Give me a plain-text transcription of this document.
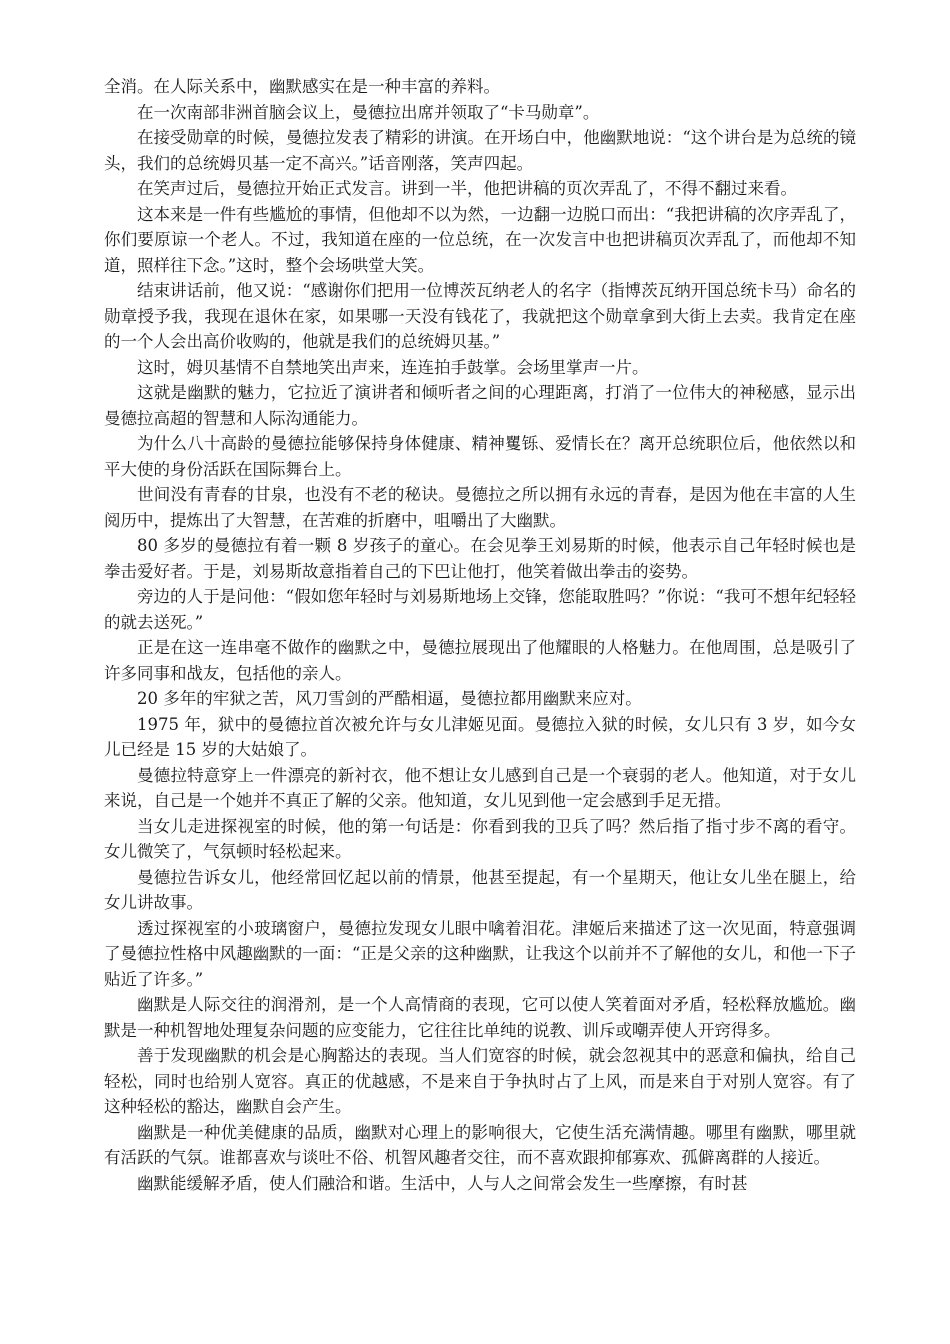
全消。在人际关系中，幽默感实在是一种丰富的养料。

在一次南部非洲首脑会议上，曼德拉出席并领取了“卡马勋章”。

在接受勋章的时候，曼德拉发表了精彩的讲演。在开场白中，他幽默地说：“这个讲台是为总统的镜头，我们的总统姆贝基一定不高兴。”话音刚落，笑声四起。

在笑声过后，曼德拉开始正式发言。讲到一半，他把讲稿的页次弄乱了，不得不翻过来看。

这本来是一件有些尴尬的事情，但他却不以为然，一边翻一边脱口而出：“我把讲稿的次序弄乱了，你们要原谅一个老人。不过，我知道在座的一位总统，在一次发言中也把讲稿页次弄乱了，而他却不知道，照样往下念。”这时，整个会场哄堂大笑。

结束讲话前，他又说：“感谢你们把用一位博茨瓦纳老人的名字（指博茨瓦纳开国总统卡马）命名的勋章授予我，我现在退休在家，如果哪一天没有钱花了，我就把这个勋章拿到大街上去卖。我肯定在座的一个人会出高价收购的，他就是我们的总统姆贝基。”

这时，姆贝基情不自禁地笑出声来，连连拍手鼓掌。会场里掌声一片。

这就是幽默的魅力，它拉近了演讲者和倾听者之间的心理距离，打消了一位伟大的神秘感，显示出曼德拉高超的智慧和人际沟通能力。

为什么八十高龄的曼德拉能够保持身体健康、精神矍铄、爱情长在？离开总统职位后，他依然以和平大使的身份活跃在国际舞台上。

世间没有青春的甘泉，也没有不老的秘诀。曼德拉之所以拥有永远的青春，是因为他在丰富的人生阅历中，提炼出了大智慧，在苦难的折磨中，咀嚼出了大幽默。

80 多岁的曼德拉有着一颗 8 岁孩子的童心。在会见拳王刘易斯的时候，他表示自己年轻时候也是拳击爱好者。于是，刘易斯故意指着自己的下巴让他打，他笑着做出拳击的姿势。

旁边的人于是问他：“假如您年轻时与刘易斯地场上交锋，您能取胜吗？”你说：“我可不想年纪轻轻的就去送死。”

正是在这一连串毫不做作的幽默之中，曼德拉展现出了他耀眼的人格魅力。在他周围，总是吸引了许多同事和战友，包括他的亲人。

20 多年的牢狱之苦，风刀雪剑的严酷相逼，曼德拉都用幽默来应对。

1975 年，狱中的曼德拉首次被允许与女儿津姬见面。曼德拉入狱的时候，女儿只有 3 岁，如今女儿已经是 15 岁的大姑娘了。

曼德拉特意穿上一件漂亮的新衬衣，他不想让女儿感到自己是一个衰弱的老人。他知道，对于女儿来说，自己是一个她并不真正了解的父亲。他知道，女儿见到他一定会感到手足无措。

当女儿走进探视室的时候，他的第一句话是：你看到我的卫兵了吗？然后指了指寸步不离的看守。女儿微笑了，气氛顿时轻松起来。

曼德拉告诉女儿，他经常回忆起以前的情景，他甚至提起，有一个星期天，他让女儿坐在腿上，给女儿讲故事。

透过探视室的小玻璃窗户，曼德拉发现女儿眼中噙着泪花。津姬后来描述了这一次见面，特意强调了曼德拉性格中风趣幽默的一面：“正是父亲的这种幽默，让我这个以前并不了解他的女儿，和他一下子贴近了许多。”

幽默是人际交往的润滑剂，是一个人高情商的表现，它可以使人笑着面对矛盾，轻松释放尴尬。幽默是一种机智地处理复杂问题的应变能力，它往往比单纯的说教、训斥或嘲弄使人开窍得多。

善于发现幽默的机会是心胸豁达的表现。当人们宽容的时候，就会忽视其中的恶意和偏执，给自己轻松，同时也给别人宽容。真正的优越感，不是来自于争执时占了上风，而是来自于对别人宽容。有了这种轻松的豁达，幽默自会产生。

幽默是一种优美健康的品质，幽默对心理上的影响很大，它使生活充满情趣。哪里有幽默，哪里就有活跃的气氛。谁都喜欢与谈吐不俗、机智风趣者交往，而不喜欢跟抑郁寡欢、孤僻离群的人接近。

幽默能缓解矛盾，使人们融洽和谐。生活中，人与人之间常会发生一些摩擦，有时甚
